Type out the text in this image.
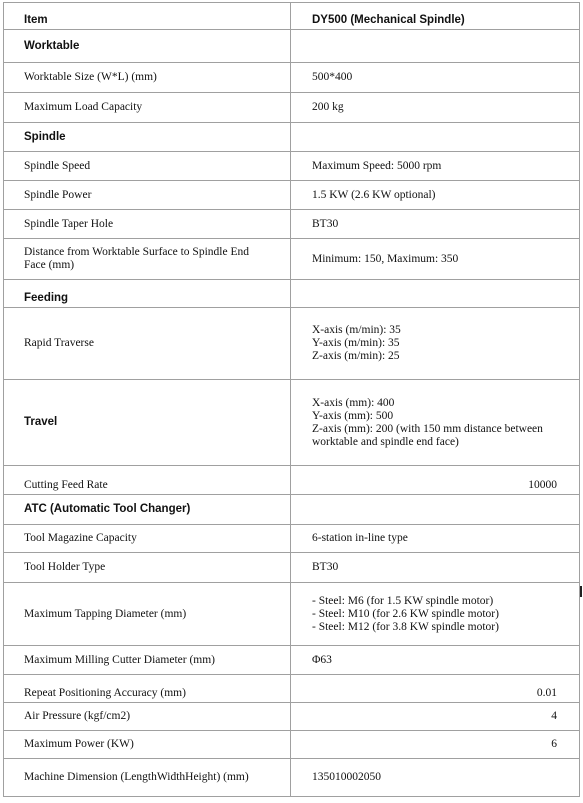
Item	DY500 (Mechanical Spindle)
Worktable	
Worktable Size (W*L) (mm)	500*400
Maximum Load Capacity	200 kg
Spindle	
Spindle Speed	Maximum Speed: 5000 rpm
Spindle Power	1.5 KW (2.6 KW optional)
Spindle Taper Hole	BT30
Distance from Worktable Surface to Spindle End Face (mm)	Minimum: 150, Maximum: 350
Feeding	
Rapid Traverse	X-axis (m/min): 35
Y-axis (m/min): 35
Z-axis (m/min): 25

Travel	X-axis (mm): 400
Y-axis (mm): 500
Z-axis (mm): 200 (with 150 mm distance between worktable and spindle end face)

Cutting Feed Rate	10000
ATC (Automatic Tool Changer)	
Tool Magazine Capacity	6-station in-line type
Tool Holder Type	BT30
Maximum Tapping Diameter (mm)	- Steel: M6 (for 1.5 KW spindle motor)
- Steel: M10 (for 2.6 KW spindle motor)
- Steel: M12 (for 3.8 KW spindle motor)

Maximum Milling Cutter Diameter (mm)	Φ63
Repeat Positioning Accuracy (mm)	0.01
Air Pressure (kgf/cm2)	4
Maximum Power (KW)	6
Machine Dimension (LengthWidthHeight) (mm)	135010002050
